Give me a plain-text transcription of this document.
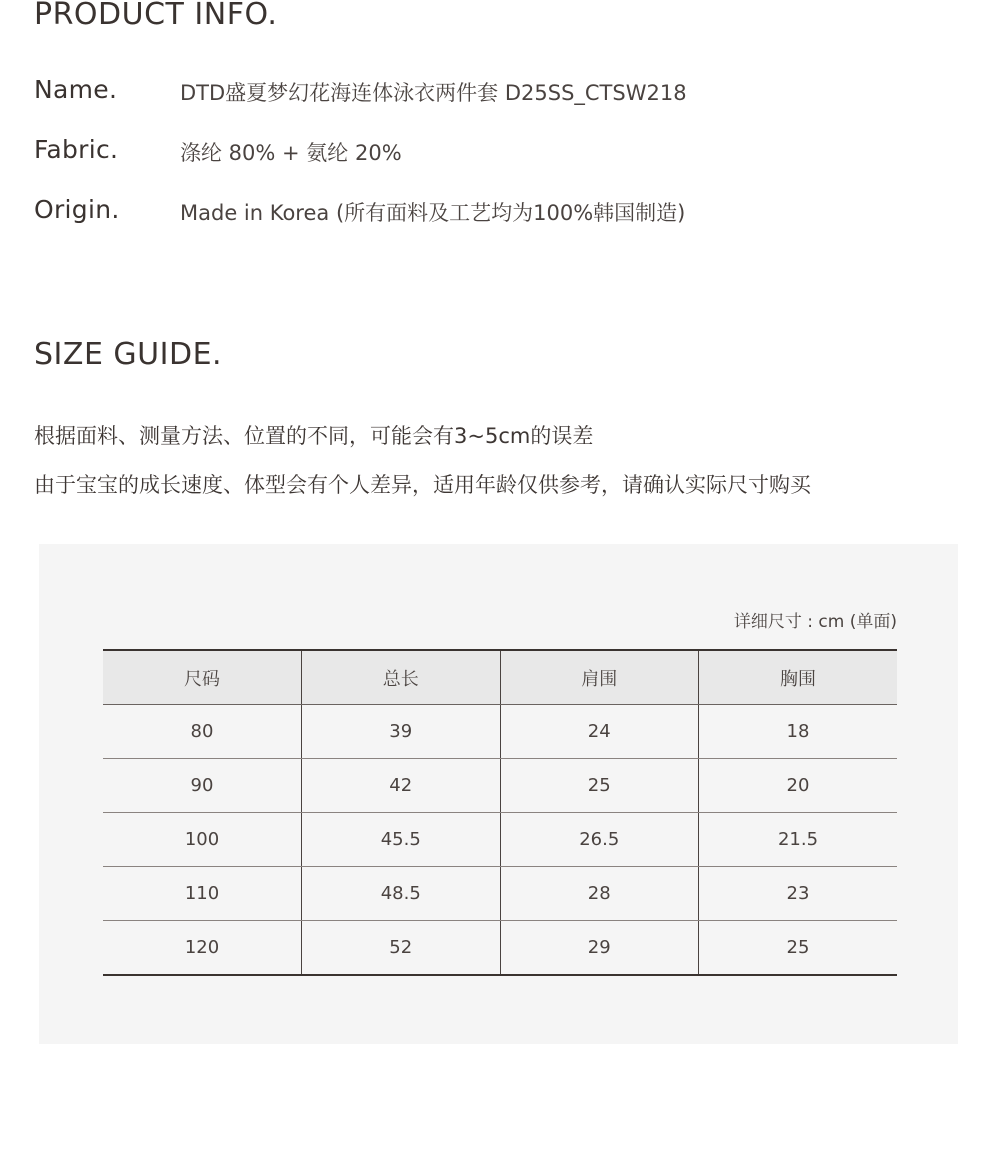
PRODUCT INFO.
Name.	DTD盛夏梦幻花海连体泳衣两件套 D25SS_CTSW218
Fabric.	涤纶 80% + 氨纶 20%
Origin.	Made in Korea (所有面料及工艺均为100%韩国制造)
SIZE GUIDE.
根据面料、测量方法、位置的不同，可能会有3~5cm的误差
由于宝宝的成长速度、体型会有个人差异，适用年龄仅供参考，请确认实际尺寸购买
详细尺寸 : cm (单面)
尺码	总长	肩围	胸围
80	39	24	18
90	42	25	20
100	45.5	26.5	21.5
110	48.5	28	23
120	52	29	25
